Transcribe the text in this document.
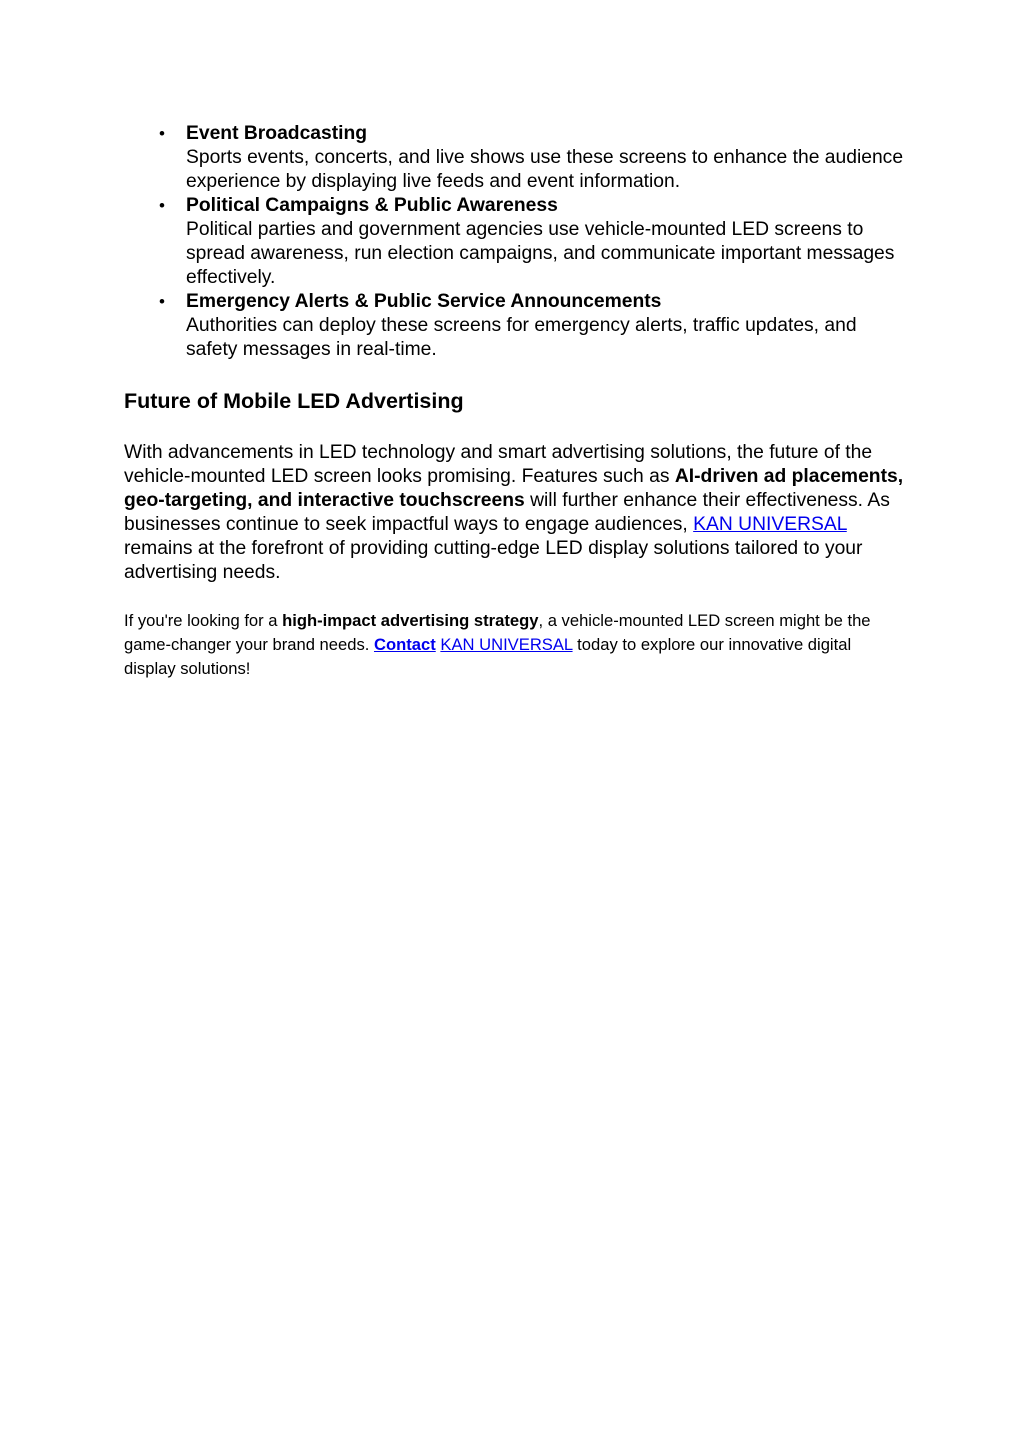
• Event Broadcasting
Sports events, concerts, and live shows use these screens to enhance the audience experience by displaying live feeds and event information.
• Political Campaigns & Public Awareness
Political parties and government agencies use vehicle-mounted LED screens to spread awareness, run election campaigns, and communicate important messages effectively.
• Emergency Alerts & Public Service Announcements
Authorities can deploy these screens for emergency alerts, traffic updates, and safety messages in real-time.
Future of Mobile LED Advertising

With advancements in LED technology and smart advertising solutions, the future of the vehicle-mounted LED screen looks promising. Features such as AI-driven ad placements, geo-targeting, and interactive touchscreens will further enhance their effectiveness. As businesses continue to seek impactful ways to engage audiences, KAN UNIVERSAL remains at the forefront of providing cutting-edge LED display solutions tailored to your advertising needs.

If you're looking for a high-impact advertising strategy, a vehicle-mounted LED screen might be the game-changer your brand needs. Contact KAN UNIVERSAL today to explore our innovative digital display solutions!
